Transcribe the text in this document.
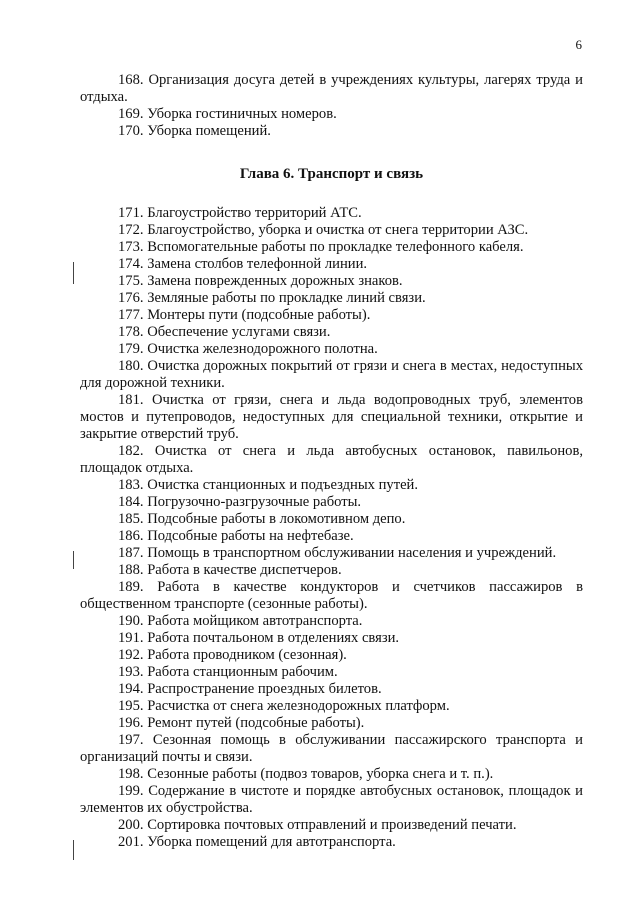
6

168. Организация досуга детей в учреждениях культуры, лагерях труда и отдыха.

169. Уборка гостиничных номеров.

170. Уборка помещений.

Глава 6. Транспорт и связь

171. Благоустройство территорий АТС.

172. Благоустройство, уборка и очистка от снега территории АЗС.

173. Вспомогательные работы по прокладке телефонного кабеля.

174. Замена столбов телефонной линии.

175. Замена поврежденных дорожных знаков.

176. Земляные работы по прокладке линий связи.

177. Монтеры пути (подсобные работы).

178. Обеспечение услугами связи.

179. Очистка железнодорожного полотна.

180. Очистка дорожных покрытий от грязи и снега в местах, недоступных для дорожной техники.

181. Очистка от грязи, снега и льда водопроводных труб, элементов мостов и путепроводов, недоступных для специальной техники, открытие и закрытие отверстий труб.

182. Очистка от снега и льда автобусных остановок, павильонов, площадок отдыха.

183. Очистка станционных и подъездных путей.

184. Погрузочно-разгрузочные работы.

185. Подсобные работы в локомотивном депо.

186. Подсобные работы на нефтебазе.

187. Помощь в транспортном обслуживании населения и учреждений.

188. Работа в качестве диспетчеров.

189. Работа в качестве кондукторов и счетчиков пассажиров в общественном транспорте (сезонные работы).

190. Работа мойщиком автотранспорта.

191. Работа почтальоном в отделениях связи.

192. Работа проводником (сезонная).

193. Работа станционным рабочим.

194. Распространение проездных билетов.

195. Расчистка от снега железнодорожных платформ.

196. Ремонт путей (подсобные работы).

197. Сезонная помощь в обслуживании пассажирского транспорта и организаций почты и связи.

198. Сезонные работы (подвоз товаров, уборка снега и т. п.).

199. Содержание в чистоте и порядке автобусных остановок, площадок и элементов их обустройства.

200. Сортировка почтовых отправлений и произведений печати.

201. Уборка помещений для автотранспорта.
